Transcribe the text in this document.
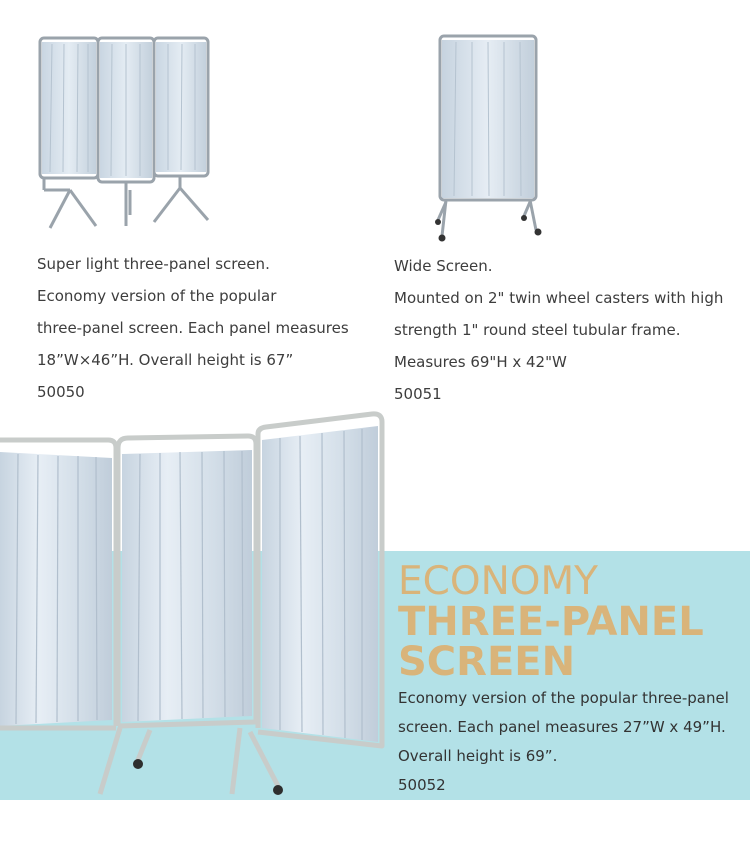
Super light three-panel screen.
Economy version of the popular
three-panel screen. Each panel measures
18”W×46”H. Overall height is 67”
50050
Wide Screen.
Mounted on 2" twin wheel casters with high
strength 1" round steel tubular frame.
Measures 69"H x 42"W
50051
ECONOMY
THREE-PANEL
SCREEN
Economy version of the popular three-panel
screen. Each panel measures 27”W x 49”H.
Overall height is 69”.
50052
